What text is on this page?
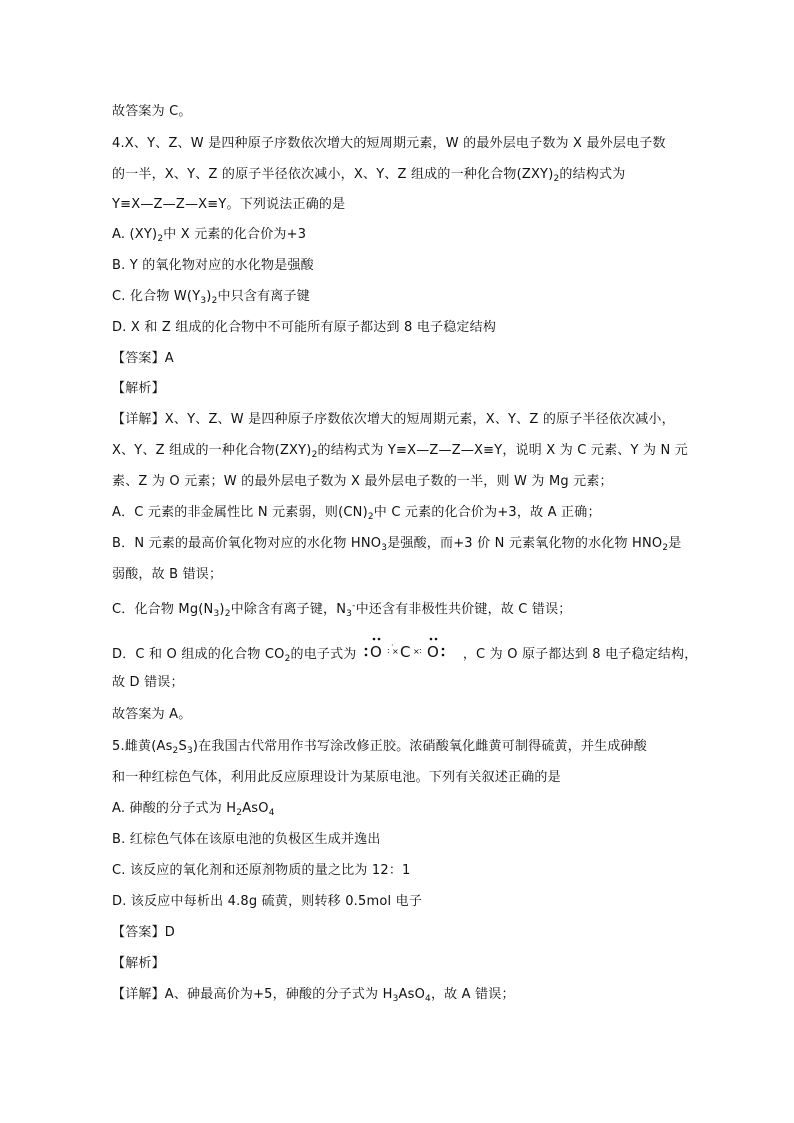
故答案为 C。
4.X、Y、Z、W 是四种原子序数依次增大的短周期元素，W 的最外层电子数为 X 最外层电子数
的一半，X、Y、Z 的原子半径依次减小，X、Y、Z 组成的一种化合物$(ZXY)_2$的结构式为
Y≡X—Z—Z—X≡Y。下列说法正确的是
A. $(XY)_2$中 X 元素的化合价为+3
B. Y 的氧化物对应的水化物是强酸
C. 化合物 $W(Y_3)_2$中只含有离子键
D. X 和 Z 组成的化合物中不可能所有原子都达到 8 电子稳定结构
【答案】A
【解析】
【详解】X、Y、Z、W 是四种原子序数依次增大的短周期元素，X、Y、Z 的原子半径依次减小，
X、Y、Z 组成的一种化合物$(ZXY)_2$的结构式为 Y≡X—Z—Z—X≡Y，说明 X 为 C 元素、Y 为 N 元
素、Z 为 O 元素；W 的最外层电子数为 X 最外层电子数的一半，则 W 为 Mg 元素；
A．C 元素的非金属性比 N 元素弱，则$(CN)_2$中 C 元素的化合价为+3，故 A 正确；
B．N 元素的最高价氧化物对应的水化物 $HNO_3$是强酸，而+3 价 N 元素氧化物的水化物 $HNO_2$是
弱酸，故 B 错误；
C．化合物 $Mg(N_3)_2$中除含有离子键，$N_3^-$中还含有非极性共价键，故 C 错误；
D．C 和 O 组成的化合物 $CO_2$的电子式为 O : ×
· C × : O ，C 为 O 原子都达到 8 电子稳定结构，
故 D 错误；
故答案为 A。
5.雌黄$(As_2S_3)$在我国古代常用作书写涂改修正胶。浓硝酸氧化雌黄可制得硫黄，并生成砷酸
和一种红棕色气体，利用此反应原理设计为某原电池。下列有关叙述正确的是
A. 砷酸的分子式为 $H_2AsO_4$
B. 红棕色气体在该原电池的负极区生成并逸出
C. 该反应的氧化剂和还原剂物质的量之比为 12：1
D. 该反应中每析出 4.8g 硫黄，则转移 0.5mol 电子
【答案】D
【解析】
【详解】A、砷最高价为+5，砷酸的分子式为 $H_3AsO_4$，故 A 错误；
